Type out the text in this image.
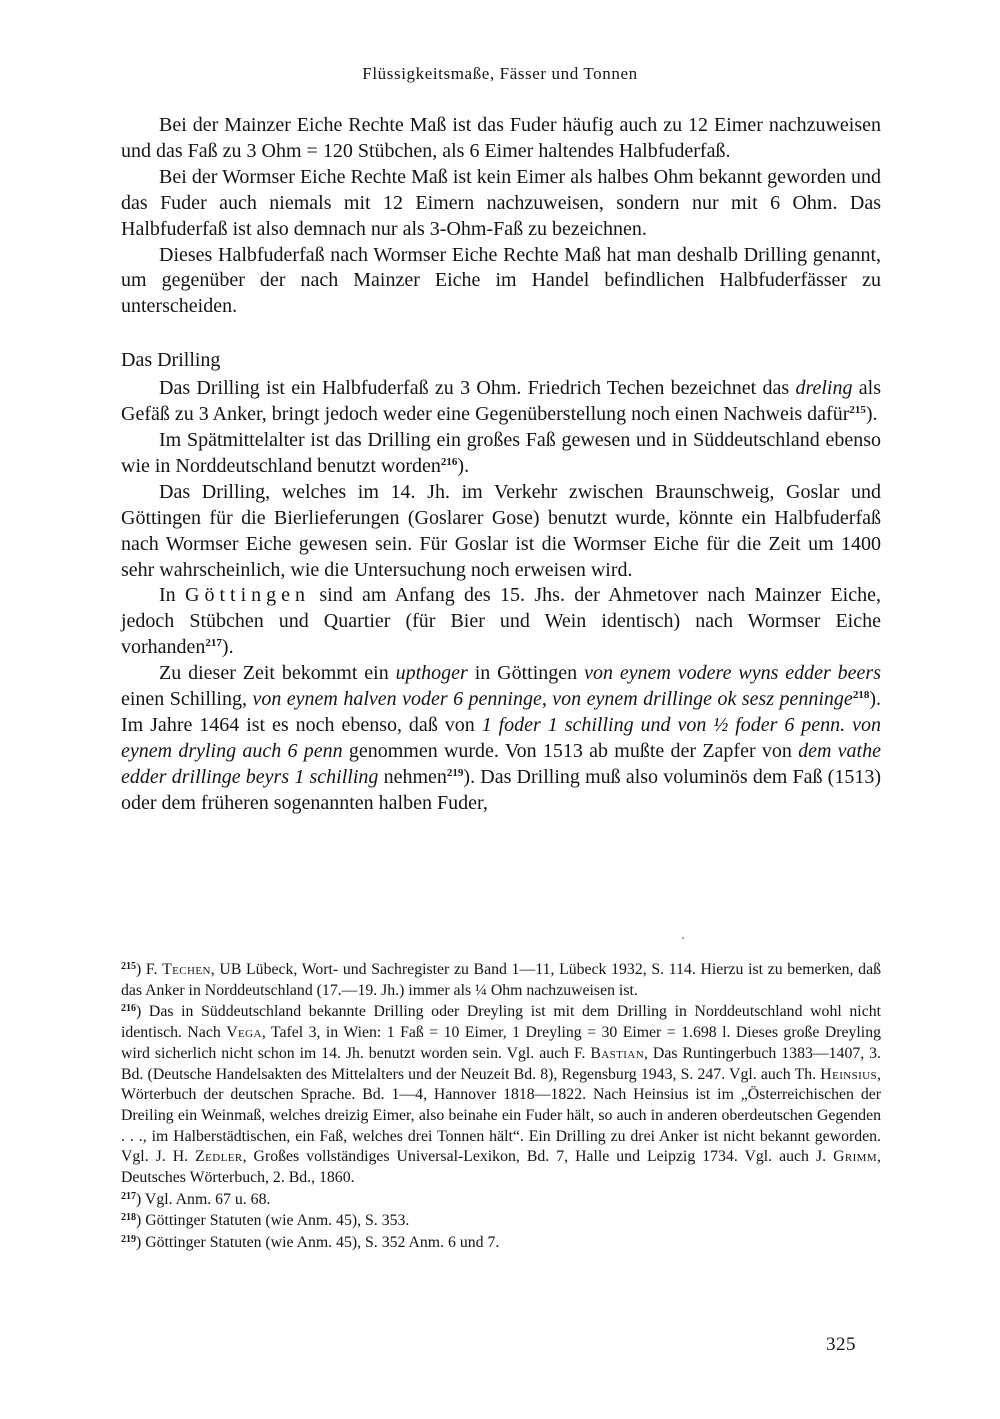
Flüssigkeitsmaße, Fässer und Tonnen

Bei der Mainzer Eiche Rechte Maß ist das Fuder häufig auch zu 12 Eimer nachzuweisen und das Faß zu 3 Ohm = 120 Stübchen, als 6 Eimer haltendes Halbfuderfaß.

Bei der Wormser Eiche Rechte Maß ist kein Eimer als halbes Ohm bekannt geworden und das Fuder auch niemals mit 12 Eimern nachzuweisen, sondern nur mit 6 Ohm. Das Halbfuderfaß ist also demnach nur als 3-Ohm-Faß zu bezeichnen.

Dieses Halbfuderfaß nach Wormser Eiche Rechte Maß hat man deshalb Drilling genannt, um gegenüber der nach Mainzer Eiche im Handel befindlichen Halbfuderfässer zu unterscheiden.

Das Drilling

Das Drilling ist ein Halbfuderfaß zu 3 Ohm. Friedrich Techen bezeichnet das dreling als Gefäß zu 3 Anker, bringt jedoch weder eine Gegenüberstellung noch einen Nachweis dafür$^{215}$).

Im Spätmittelalter ist das Drilling ein großes Faß gewesen und in Süddeutschland ebenso wie in Norddeutschland benutzt worden$^{216}$).

Das Drilling, welches im 14. Jh. im Verkehr zwischen Braunschweig, Goslar und Göttingen für die Bierlieferungen (Goslarer Gose) benutzt wurde, könnte ein Halbfuderfaß nach Wormser Eiche gewesen sein. Für Goslar ist die Wormser Eiche für die Zeit um 1400 sehr wahrscheinlich, wie die Untersuchung noch erweisen wird.

In Göttingen sind am Anfang des 15. Jhs. der Ahmetover nach Mainzer Eiche, jedoch Stübchen und Quartier (für Bier und Wein identisch) nach Wormser Eiche vorhanden$^{217}$).

Zu dieser Zeit bekommt ein upthoger in Göttingen von eynem vodere wyns edder beers einen Schilling, von eynem halven voder 6 penninge, von eynem drillinge ok sesz penninge$^{218}$). Im Jahre 1464 ist es noch ebenso, daß von 1 foder 1 schilling und von ½ foder 6 penn. von eynem dryling auch 6 penn genommen wurde. Von 1513 ab mußte der Zapfer von dem vathe edder drillinge beyrs 1 schilling nehmen$^{219}$). Das Drilling muß also voluminös dem Faß (1513) oder dem früheren sogenannten halben Fuder,

$^{215}$) F. Techen, UB Lübeck, Wort- und Sachregister zu Band 1—11, Lübeck 1932, S. 114. Hierzu ist zu bemerken, daß das Anker in Norddeutschland (17.—19. Jh.) immer als ¼ Ohm nachzuweisen ist.

$^{216}$) Das in Süddeutschland bekannte Drilling oder Dreyling ist mit dem Drilling in Norddeutschland wohl nicht identisch. Nach Vega, Tafel 3, in Wien: 1 Faß = 10 Eimer, 1 Dreyling = 30 Eimer = 1.698 l. Dieses große Dreyling wird sicherlich nicht schon im 14. Jh. benutzt worden sein. Vgl. auch F. Bastian, Das Runtingerbuch 1383—1407, 3. Bd. (Deutsche Handelsakten des Mittelalters und der Neuzeit Bd. 8), Regensburg 1943, S. 247. Vgl. auch Th. Heinsius, Wörterbuch der deutschen Sprache. Bd. 1—4, Hannover 1818—1822. Nach Heinsius ist im „Österreichischen der Dreiling ein Weinmaß, welches dreizig Eimer, also beinahe ein Fuder hält, so auch in anderen oberdeutschen Gegenden . . ., im Halberstädtischen, ein Faß, welches drei Tonnen hält“. Ein Drilling zu drei Anker ist nicht bekannt geworden. Vgl. J. H. Zedler, Großes vollständiges Universal-Lexikon, Bd. 7, Halle und Leipzig 1734. Vgl. auch J. Grimm, Deutsches Wörterbuch, 2. Bd., 1860.

$^{217}$) Vgl. Anm. 67 u. 68.

$^{218}$) Göttinger Statuten (wie Anm. 45), S. 353.

$^{219}$) Göttinger Statuten (wie Anm. 45), S. 352 Anm. 6 und 7.

325
